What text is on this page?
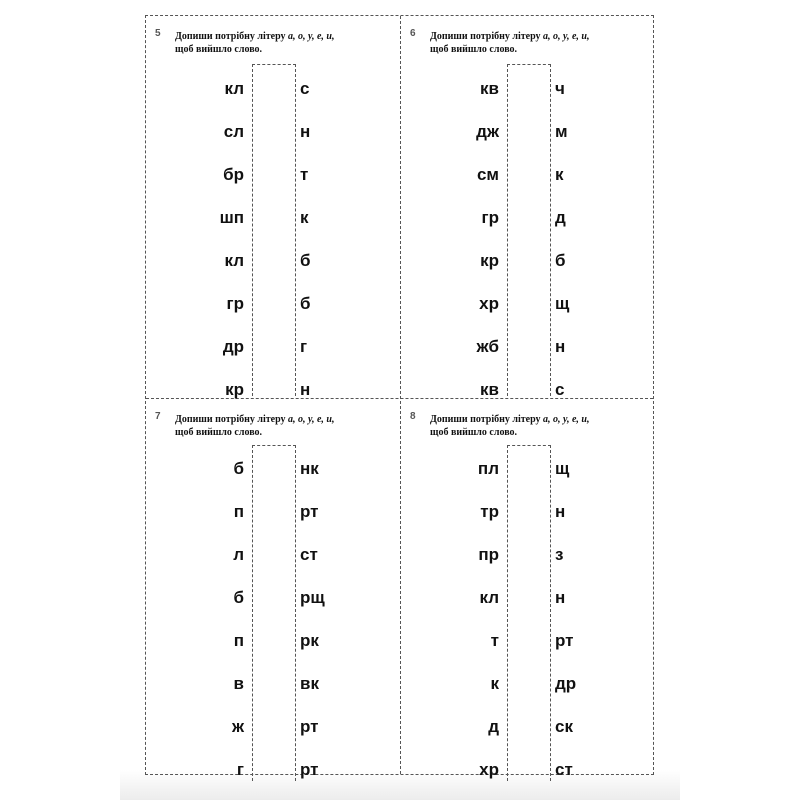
5 Допиши потрібну літеру а, о, у, е, и,
щоб вийшло слово.
кл	с
сл	н
бр	т
шп	к
кл	б
гр	б
др	г
кр	н
6 Допиши потрібну літеру а, о, у, е, и,
щоб вийшло слово.
кв	ч
дж	м
см	к
гр	д
кр	б
хр	щ
жб	н
кв	с
7 Допиши потрібну літеру а, о, у, е, и,
щоб вийшло слово.
б	нк
п	рт
л	ст
б	рщ
п	рк
в	вк
ж	рт
г	рт
8 Допиши потрібну літеру а, о, у, е, и,
щоб вийшло слово.
пл	щ
тр	н
пр	з
кл	н
т	рт
к	др
д	ск
хр	ст
